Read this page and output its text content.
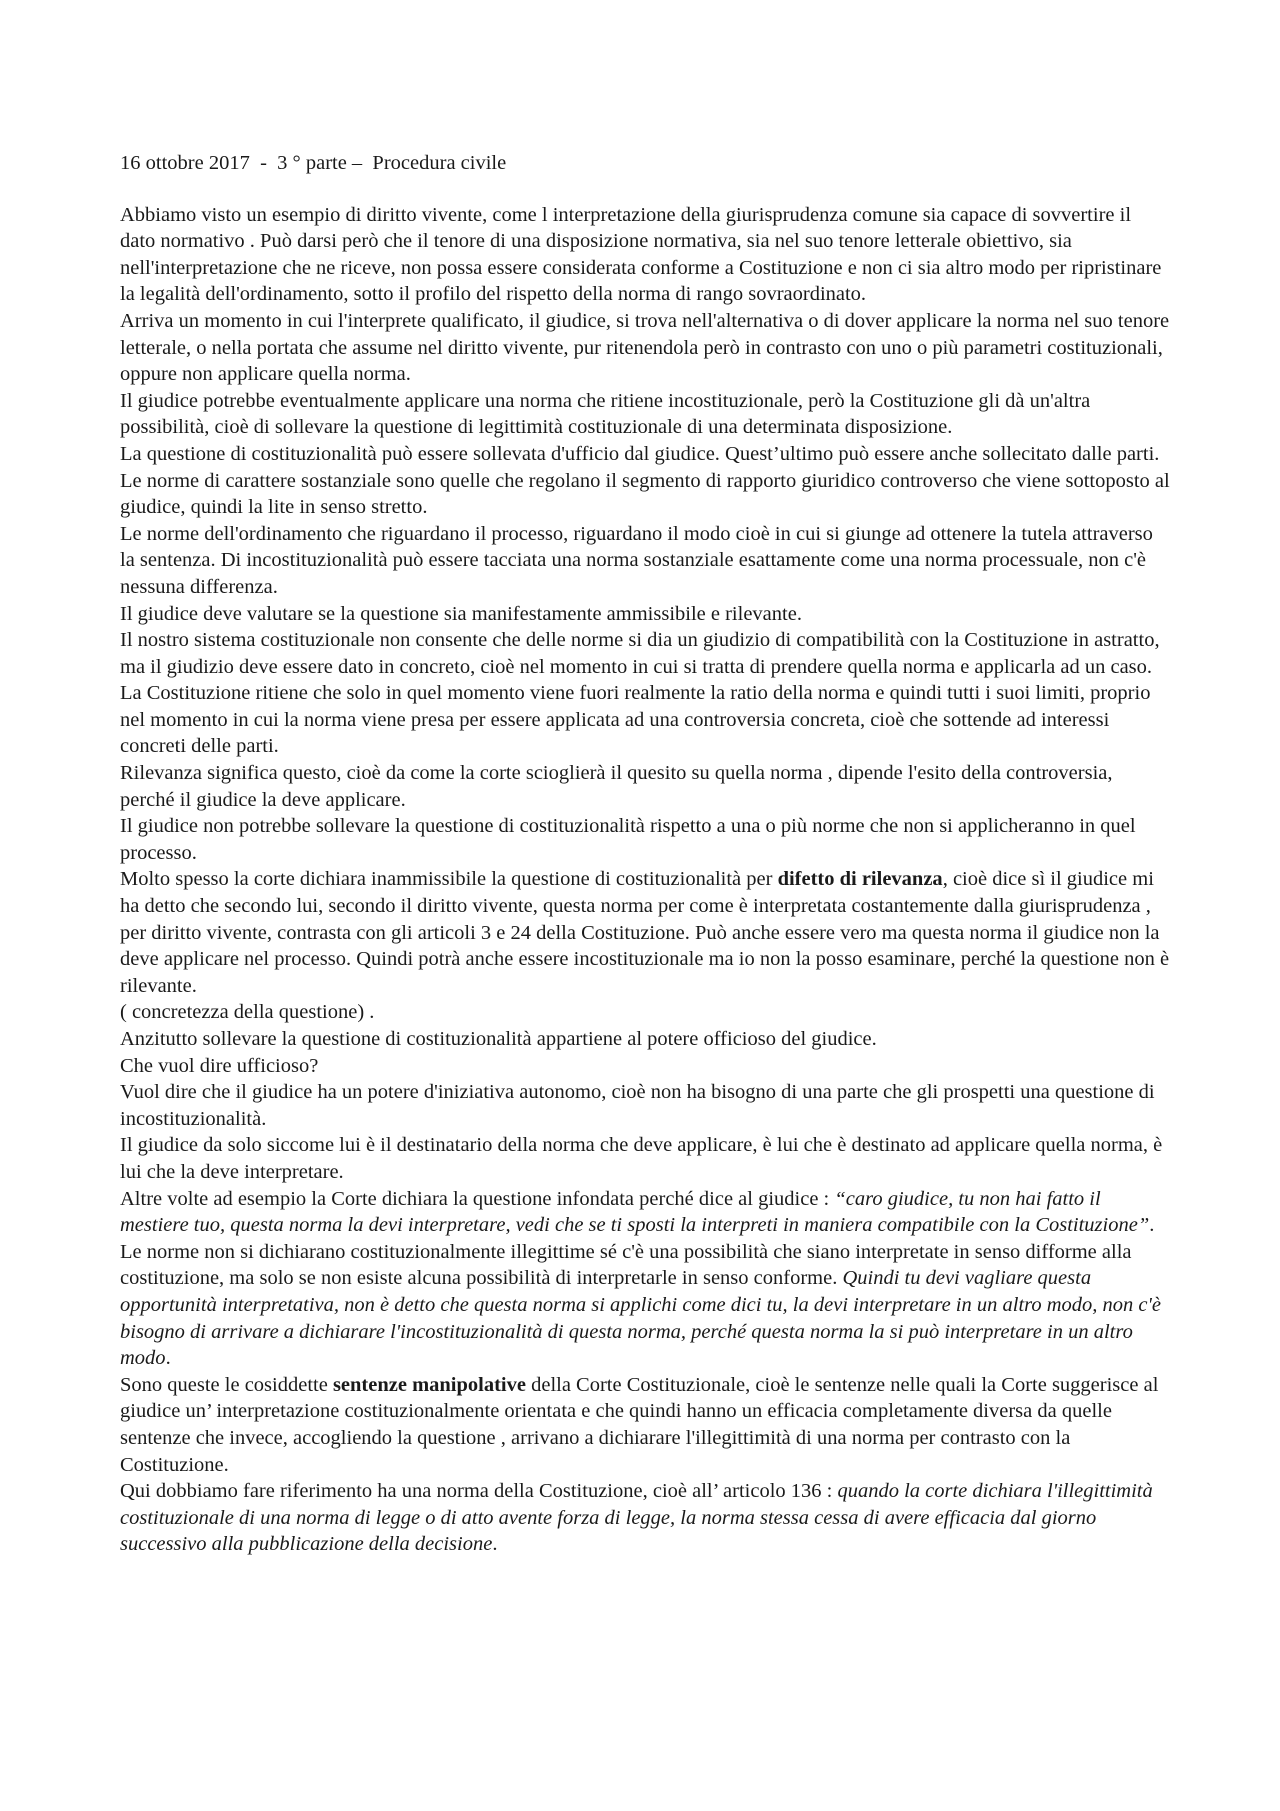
16 ottobre 2017  -  3 ° parte –  Procedura civile

Abbiamo visto un esempio di diritto vivente, come l interpretazione della giurisprudenza comune sia capace di sovvertire il dato normativo . Può darsi però che il tenore di una disposizione normativa, sia nel suo tenore letterale obiettivo, sia nell'interpretazione che ne riceve, non possa essere considerata conforme a Costituzione e non ci sia altro modo per ripristinare la legalità dell'ordinamento, sotto il profilo del rispetto della norma di rango sovraordinato.

Arriva un momento in cui l'interprete qualificato, il giudice, si trova nell'alternativa o di dover applicare la norma nel suo tenore letterale, o nella portata che assume nel diritto vivente, pur ritenendola però in contrasto con uno o più parametri costituzionali, oppure non applicare quella norma.

Il giudice potrebbe eventualmente applicare una norma che ritiene incostituzionale, però la Costituzione gli dà un'altra possibilità, cioè di sollevare la questione di legittimità costituzionale di una determinata disposizione.

La questione di costituzionalità può essere sollevata d'ufficio dal giudice. Quest’ultimo può essere anche sollecitato dalle parti.

Le norme di carattere sostanziale sono quelle che regolano il segmento di rapporto giuridico controverso che viene sottoposto al giudice, quindi la lite in senso stretto.

Le norme dell'ordinamento che riguardano il processo, riguardano il modo cioè in cui si giunge ad ottenere la tutela attraverso la sentenza. Di incostituzionalità può essere tacciata una norma sostanziale esattamente come una norma processuale, non c'è nessuna differenza.

Il giudice deve valutare se la questione sia manifestamente ammissibile e rilevante.

Il nostro sistema costituzionale non consente che delle norme si dia un giudizio di compatibilità con la Costituzione in astratto, ma il giudizio deve essere dato in concreto, cioè nel momento in cui si tratta di prendere quella norma e applicarla ad un caso. La Costituzione ritiene che solo in quel momento viene fuori realmente la ratio della norma e quindi tutti i suoi limiti, proprio nel momento in cui la norma viene presa per essere applicata ad una controversia concreta, cioè che sottende ad interessi concreti delle parti.

Rilevanza significa questo, cioè da come la corte scioglierà il quesito su quella norma , dipende l'esito della controversia, perché il giudice la deve applicare.

Il giudice non potrebbe sollevare la questione di costituzionalità rispetto a una o più norme che non si applicheranno in quel processo.

Molto spesso la corte dichiara inammissibile la questione di costituzionalità per difetto di rilevanza, cioè dice sì il giudice mi ha detto che secondo lui, secondo il diritto vivente, questa norma per come è interpretata costantemente dalla giurisprudenza , per diritto vivente, contrasta con gli articoli 3 e 24 della Costituzione. Può anche essere vero ma questa norma il giudice non la deve applicare nel processo. Quindi potrà anche essere incostituzionale ma io non la posso esaminare, perché la questione non è rilevante.

( concretezza della questione) .

Anzitutto sollevare la questione di costituzionalità appartiene al potere officioso del giudice.

Che vuol dire ufficioso?

Vuol dire che il giudice ha un potere d'iniziativa autonomo, cioè non ha bisogno di una parte che gli prospetti una questione di incostituzionalità.

Il giudice da solo siccome lui è il destinatario della norma che deve applicare, è lui che è destinato ad applicare quella norma, è lui che la deve interpretare.

Altre volte ad esempio la Corte dichiara la questione infondata perché dice al giudice : “caro giudice, tu non hai fatto il mestiere tuo, questa norma la devi interpretare, vedi che se ti sposti la interpreti in maniera compatibile con la Costituzione”.

Le norme non si dichiarano costituzionalmente illegittime sé c'è una possibilità che siano interpretate in senso difforme alla costituzione, ma solo se non esiste alcuna possibilità di interpretarle in senso conforme. Quindi tu devi vagliare questa opportunità interpretativa, non è detto che questa norma si applichi come dici tu, la devi interpretare in un altro modo, non c'è bisogno di arrivare a dichiarare l'incostituzionalità di questa norma, perché questa norma la si può interpretare in un altro modo.

Sono queste le cosiddette sentenze manipolative della Corte Costituzionale, cioè le sentenze nelle quali la Corte suggerisce al giudice un’ interpretazione costituzionalmente orientata e che quindi hanno un efficacia completamente diversa da quelle sentenze che invece, accogliendo la questione , arrivano a dichiarare l'illegittimità di una norma per contrasto con la Costituzione.

Qui dobbiamo fare riferimento ha una norma della Costituzione, cioè all’ articolo 136 : quando la corte dichiara l'illegittimità costituzionale di una norma di legge o di atto avente forza di legge, la norma stessa cessa di avere efficacia dal giorno successivo alla pubblicazione della decisione.
